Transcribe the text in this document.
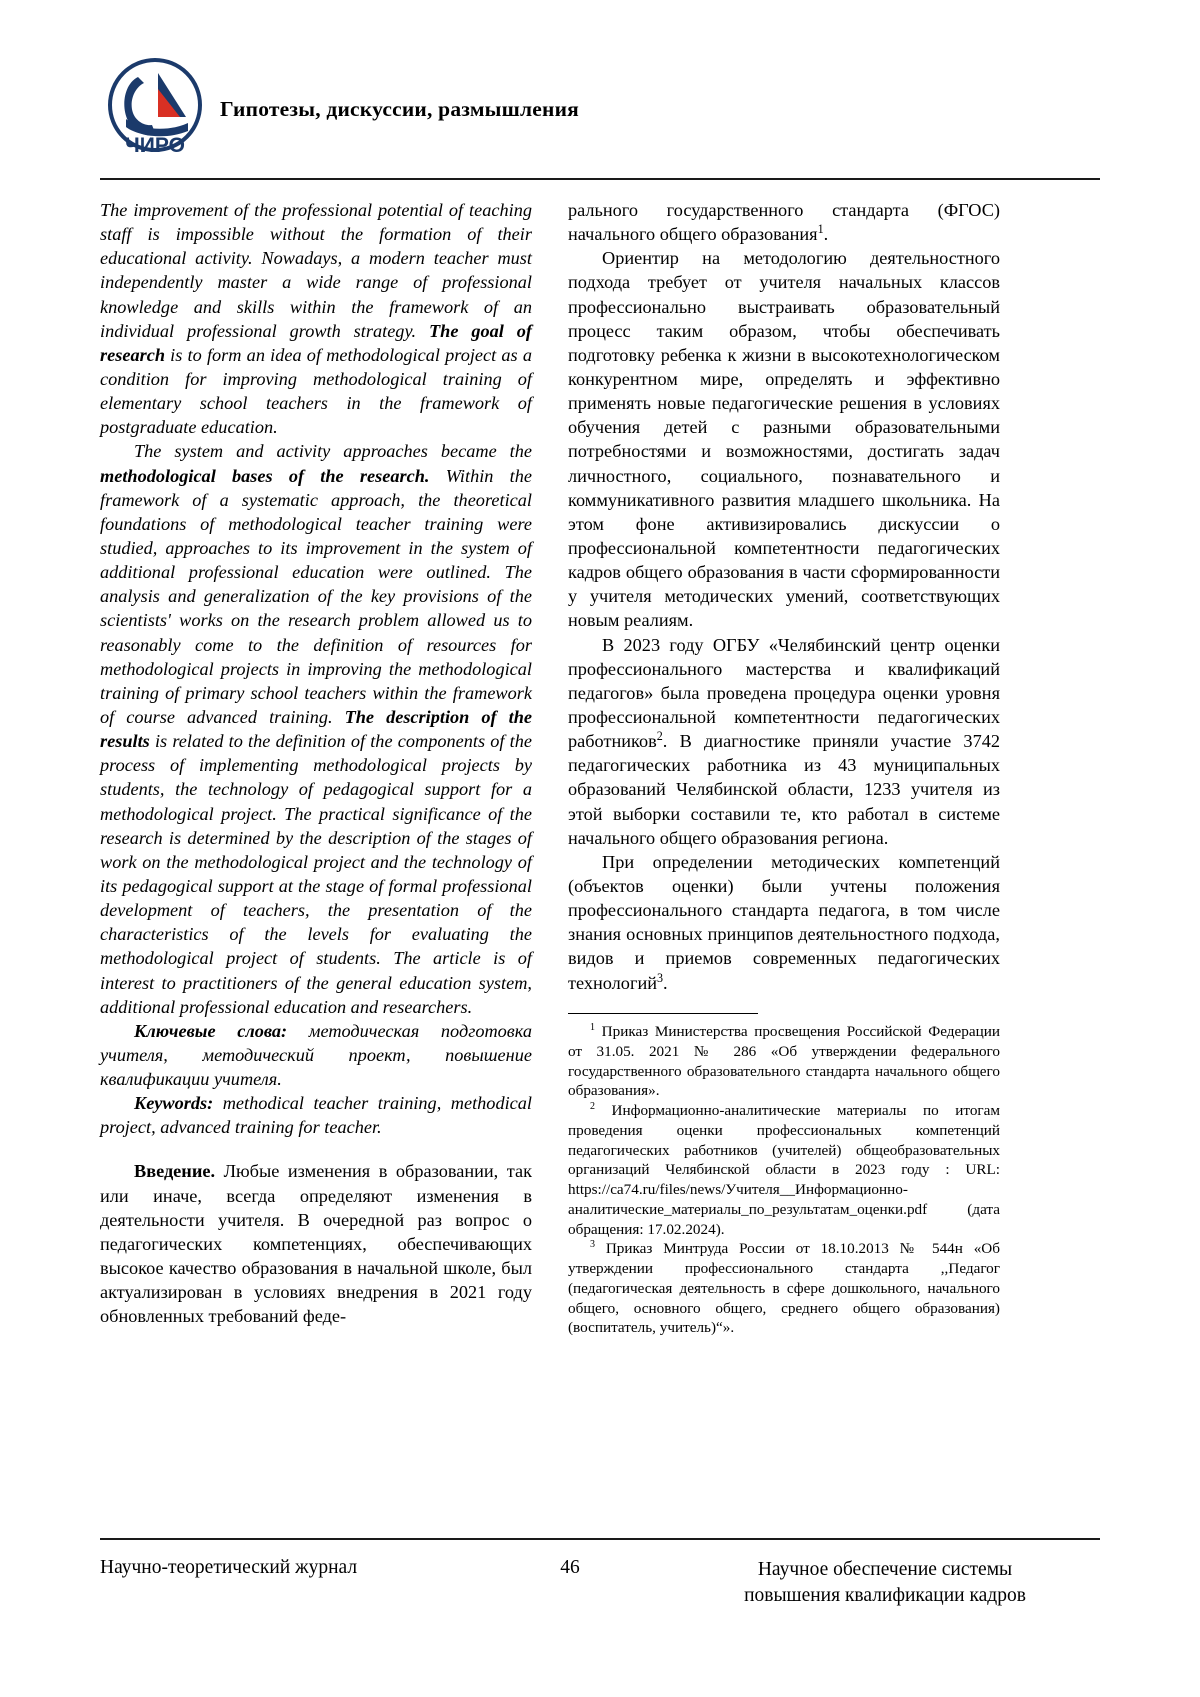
ЧИРО
Гипотезы, дискуссии, размышления

The improvement of the professional potential of teaching staff is impossible without the formation of their educational activity. Nowadays, a modern teacher must independently master a wide range of professional knowledge and skills within the framework of an individual professional growth strategy. The goal of research is to form an idea of methodological project as a condition for improving methodological training of elementary school teachers in the framework of postgraduate education.

The system and activity approaches became the methodological bases of the research. Within the framework of a systematic approach, the theoretical foundations of methodological teacher training were studied, approaches to its improvement in the system of additional professional education were outlined. The analysis and generalization of the key provisions of the scientists' works on the research problem allowed us to reasonably come to the definition of resources for methodological projects in improving the methodological training of primary school teachers within the framework of course advanced training. The description of the results is related to the definition of the components of the process of implementing methodological projects by students, the technology of pedagogical support for a methodological project. The practical significance of the research is determined by the description of the stages of work on the methodological project and the technology of its pedagogical support at the stage of formal professional development of teachers, the presentation of the characteristics of the levels for evaluating the methodological project of students. The article is of interest to practitioners of the general education system, additional professional education and researchers.

Ключевые слова: методическая подготовка учителя, методический проект, повышение квалификации учителя.

Keywords: methodical teacher training, methodical project, advanced training for teacher.

Введение. Любые изменения в образовании, так или иначе, всегда определяют изменения в деятельности учителя. В очередной раз вопрос о педагогических компетенциях, обеспечивающих высокое качество образования в начальной школе, был актуализирован в условиях внедрения в 2021 году обновленных требований феде-

рального государственного стандарта (ФГОС) начального общего образования$^1$.

Ориентир на методологию деятельностного подхода требует от учителя начальных классов профессионально выстраивать образовательный процесс таким образом, чтобы обеспечивать подготовку ребенка к жизни в высокотехнологическом конкурентном мире, определять и эффективно применять новые педагогические решения в условиях обучения детей с разными образовательными потребностями и возможностями, достигать задач личностного, социального, познавательного и коммуникативного развития младшего школьника. На этом фоне активизировались дискуссии о профессиональной компетентности педагогических кадров общего образования в части сформированности у учителя методических умений, соответствующих новым реалиям.

В 2023 году ОГБУ «Челябинский центр оценки профессионального мастерства и квалификаций педагогов» была проведена процедура оценки уровня профессиональной компетентности педагогических работников$^2$. В диагностике приняли участие 3742 педагогических работника из 43 муниципальных образований Челябинской области, 1233 учителя из этой выборки составили те, кто работал в системе начального общего образования региона.

При определении методических компетенций (объектов оценки) были учтены положения профессионального стандарта педагога, в том числе знания основных принципов деятельностного подхода, видов и приемов современных педагогических технологий$^3$.

$^1$ Приказ Министерства просвещения Российской Федерации от 31.05. 2021 № 286 «Об утверждении федерального государственного образовательного стандарта начального общего образования».

$^2$ Информационно-аналитические материалы по итогам проведения оценки профессиональных компетенций педагогических работников (учителей) общеобразовательных организаций Челябинской области в 2023 году : URL: https://ca74.ru/files/news/Учителя__Информационно-аналитические_материалы_по_результатам_оценки.pdf (дата обращения: 17.02.2024).

$^3$ Приказ Минтруда России от 18.10.2013 № 544н «Об утверждении профессионального стандарта ,,Педагог (педагогическая деятельность в сфере дошкольного, начального общего, основного общего, среднего общего образования) (воспитатель, учитель)“».

Научно-теоретический журнал	46	Научное обеспечение системы
повышения квалификации кадров
